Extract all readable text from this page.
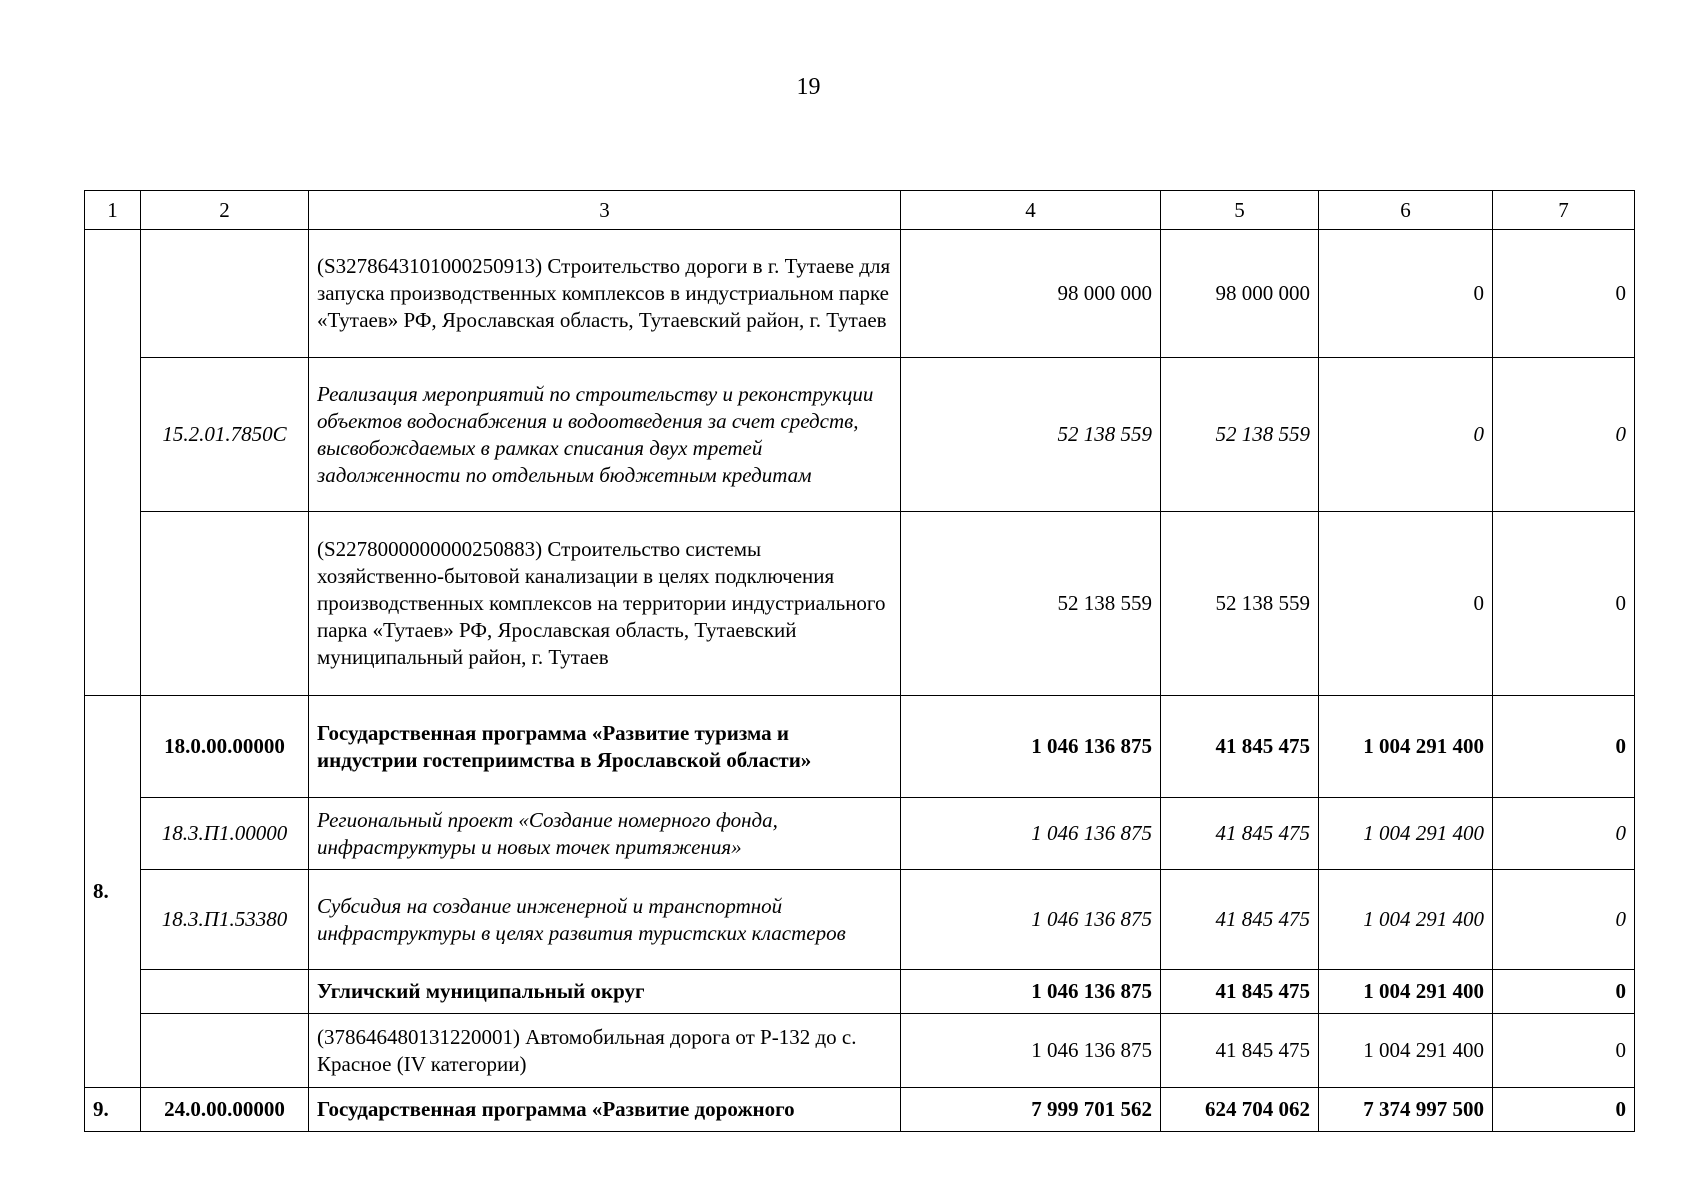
19
1	2	3	4	5	6	7
		(S3278643101000250913) Строительство дороги в г. Тутаеве для запуска производственных комплексов в индустриальном парке «Тутаев» РФ, Ярославская область, Тутаевский район, г. Тутаев	98 000 000	98 000 000	0	0
	15.2.01.7850С	Реализация мероприятий по строительству и реконструкции объектов водоснабжения и водоотведения за счет средств, высвобождаемых в рамках списания двух третей задолженности по отдельным бюджетным кредитам	52 138 559	52 138 559	0	0
		(S2278000000000250883) Строительство системы хозяйственно-бытовой канализации в целях подключения производственных комплексов на территории индустриального парка «Тутаев» РФ, Ярославская область, Тутаевский муниципальный район, г. Тутаев	52 138 559	52 138 559	0	0
8.	18.0.00.00000	Государственная программа «Развитие туризма и индустрии гостеприимства в Ярославской области»	1 046 136 875	41 845 475	1 004 291 400	0
	18.3.П1.00000	Региональный проект «Создание номерного фонда, инфраструктуры и новых точек притяжения»	1 046 136 875	41 845 475	1 004 291 400	0
	18.3.П1.53380	Субсидия на создание инженерной и транспортной инфраструктуры в целях развития туристских кластеров	1 046 136 875	41 845 475	1 004 291 400	0
		Угличский муниципальный округ	1 046 136 875	41 845 475	1 004 291 400	0
		(378646480131220001) Автомобильная дорога от Р-132 до с. Красное (IV категории)	1 046 136 875	41 845 475	1 004 291 400	0
9.	24.0.00.00000	Государственная программа «Развитие дорожного	7 999 701 562	624 704 062	7 374 997 500	0
